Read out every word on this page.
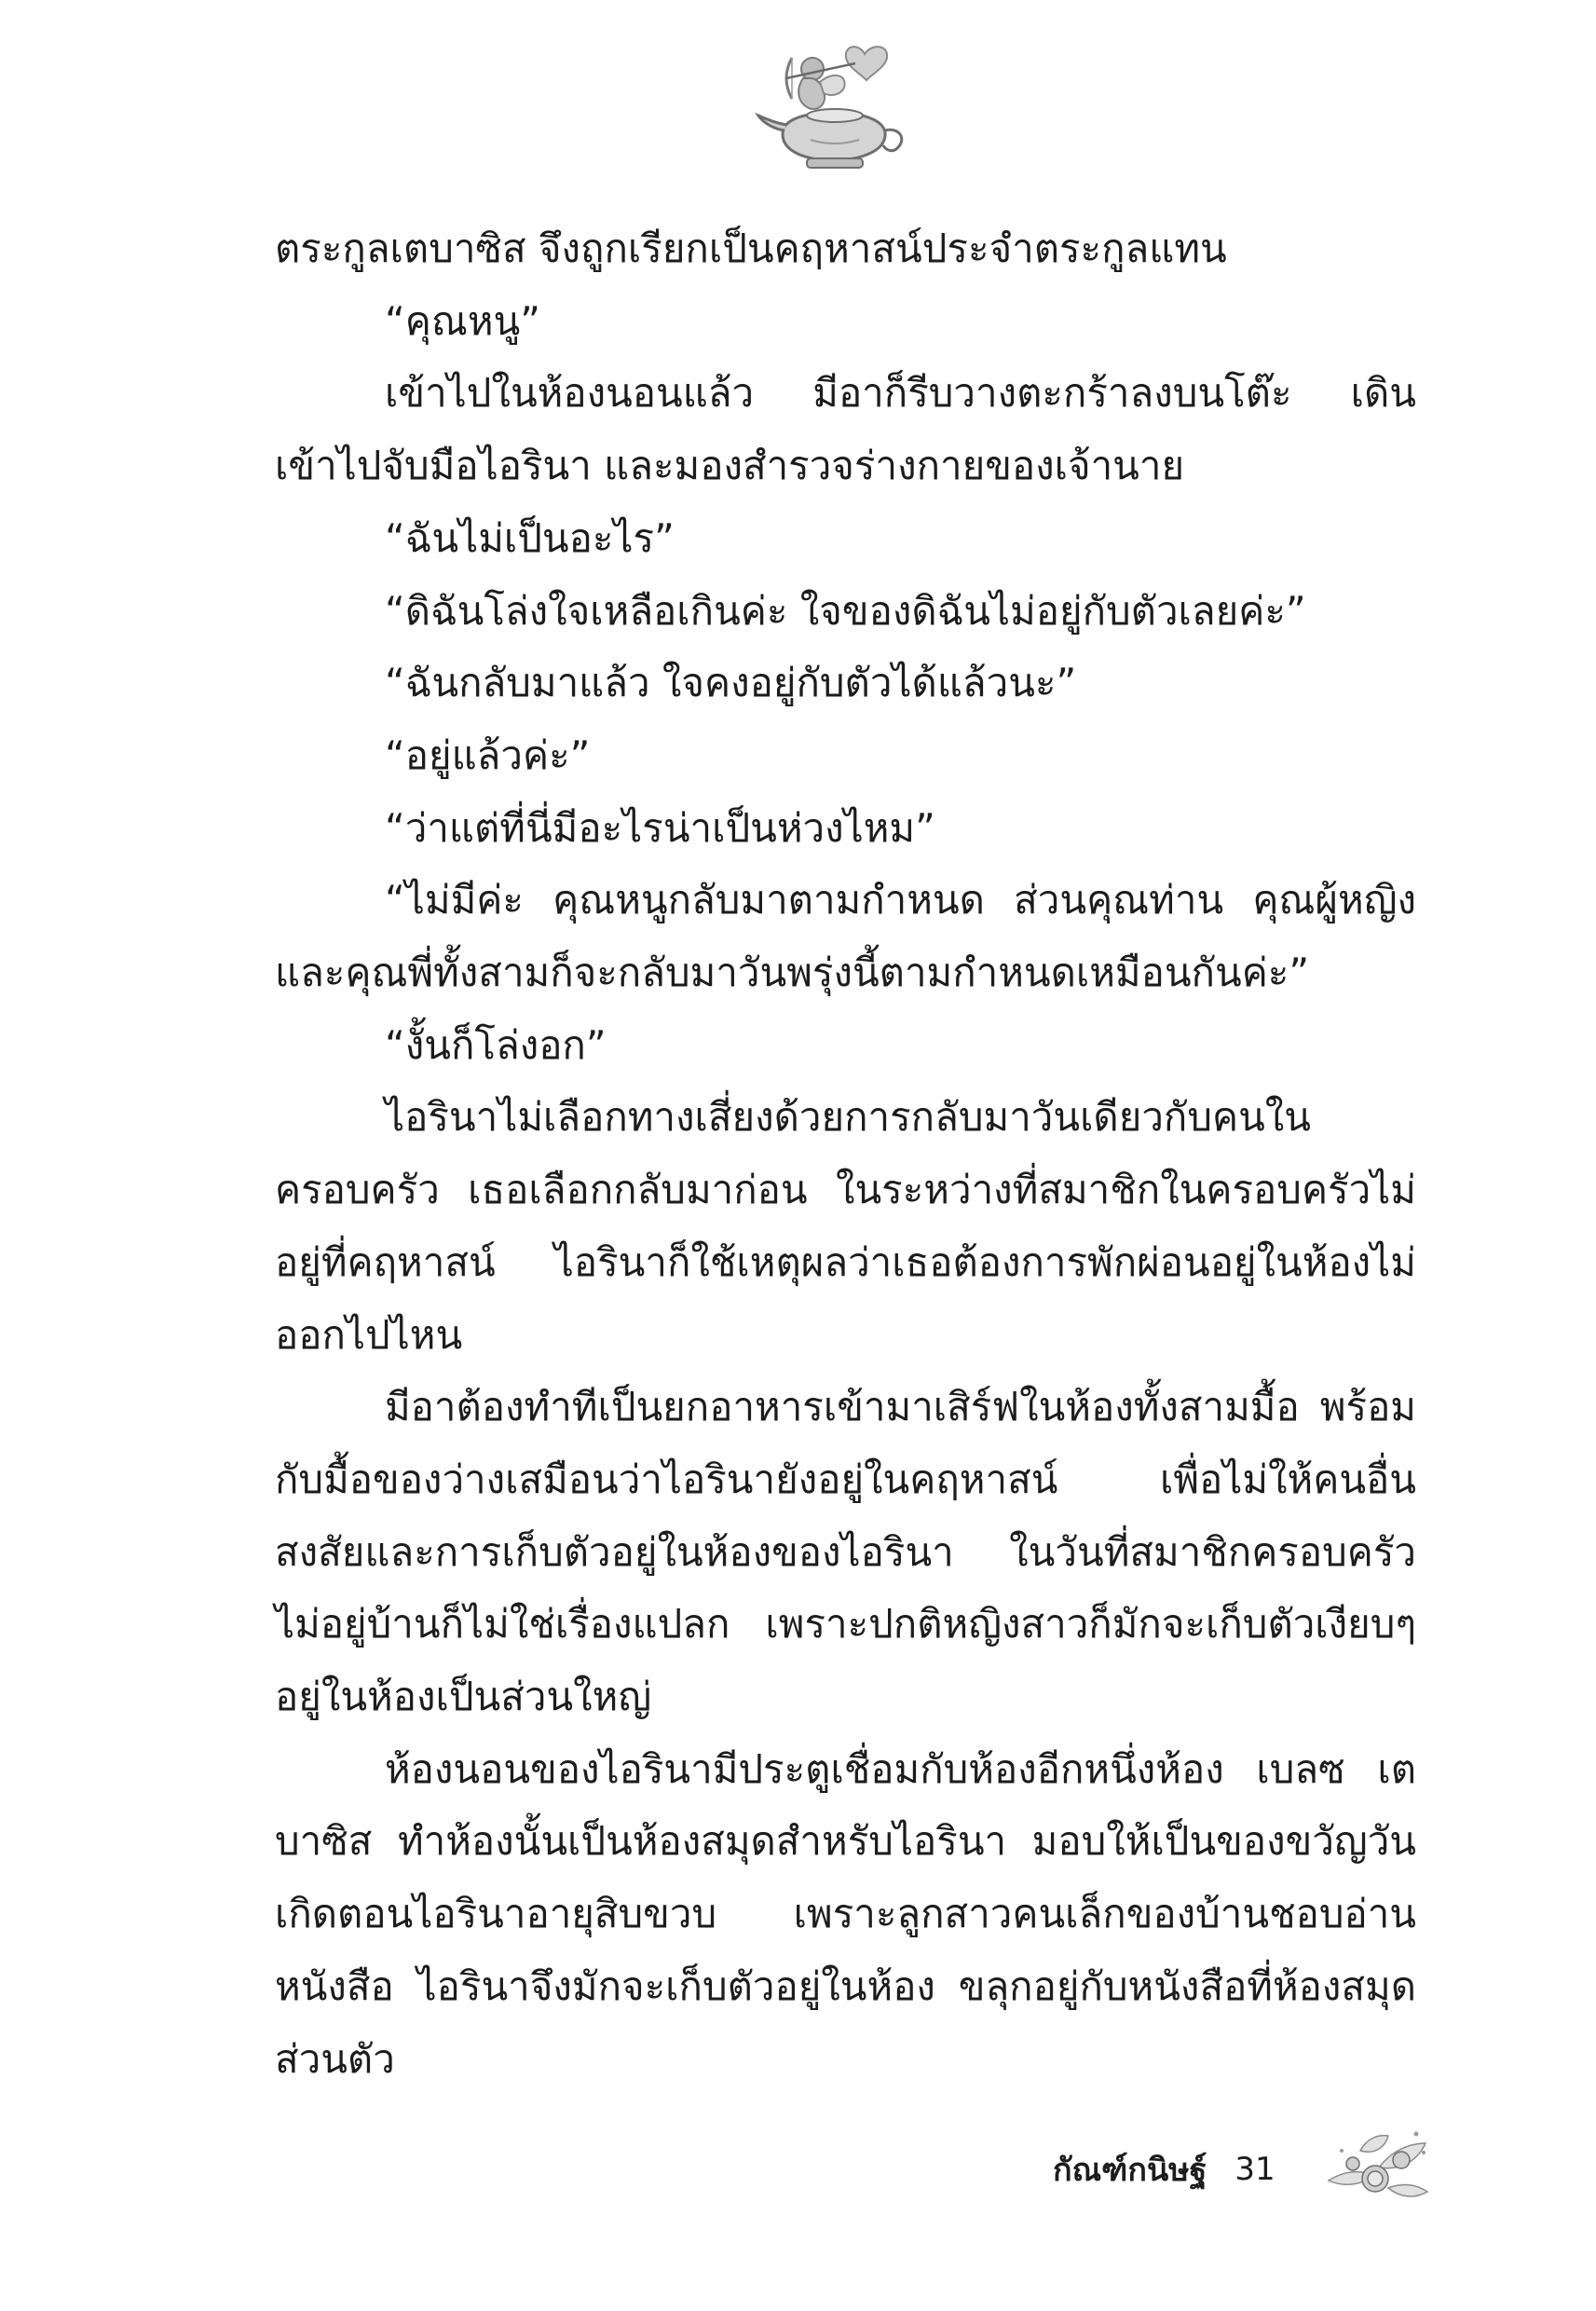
ตระกูลเตบาซิส จึงถูกเรียกเป็นคฤหาสน์ประจำตระกูลแทน

“คุณหนู”

เข้าไปในห้องนอนแล้ว มีอาก็รีบวางตะกร้าลงบนโต๊ะ เดินเข้าไปจับมือไอรินา และมองสำรวจร่างกายของเจ้านาย

“ฉันไม่เป็นอะไร”

“ดิฉันโล่งใจเหลือเกินค่ะ ใจของดิฉันไม่อยู่กับตัวเลยค่ะ”

“ฉันกลับมาแล้ว ใจคงอยู่กับตัวได้แล้วนะ”

“อยู่แล้วค่ะ”

“ว่าแต่ที่นี่มีอะไรน่าเป็นห่วงไหม”

“ไม่มีค่ะ คุณหนูกลับมาตามกำหนด ส่วนคุณท่าน คุณผู้หญิงและคุณพี่ทั้งสามก็จะกลับมาวันพรุ่งนี้ตามกำหนดเหมือนกันค่ะ”

“งั้นก็โล่งอก”

ไอรินาไม่เลือกทางเสี่ยงด้วยการกลับมาวันเดียวกับคนในครอบครัว เธอเลือกกลับมาก่อน ในระหว่างที่สมาชิกในครอบครัวไม่อยู่ที่คฤหาสน์ ไอรินาก็ใช้เหตุผลว่าเธอต้องการพักผ่อนอยู่ในห้องไม่ออกไปไหน

มีอาต้องทำทีเป็นยกอาหารเข้ามาเสิร์ฟในห้องทั้งสามมื้อ พร้อมกับมื้อของว่างเสมือนว่าไอรินายังอยู่ในคฤหาสน์ เพื่อไม่ให้คนอื่นสงสัยและการเก็บตัวอยู่ในห้องของไอรินา ในวันที่สมาชิกครอบครัวไม่อยู่บ้านก็ไม่ใช่เรื่องแปลก เพราะปกติหญิงสาวก็มักจะเก็บตัวเงียบๆ อยู่ในห้องเป็นส่วนใหญ่

ห้องนอนของไอรินามีประตูเชื่อมกับห้องอีกหนึ่งห้อง เบลซ เตบาซิส ทำห้องนั้นเป็นห้องสมุดสำหรับไอรินา มอบให้เป็นของขวัญวันเกิดตอนไอรินาอายุสิบขวบ เพราะลูกสาวคนเล็กของบ้านชอบอ่านหนังสือ ไอรินาจึงมักจะเก็บตัวอยู่ในห้อง ขลุกอยู่กับหนังสือที่ห้องสมุดส่วนตัว

กัณฑ์กนิษฐ์ 31
